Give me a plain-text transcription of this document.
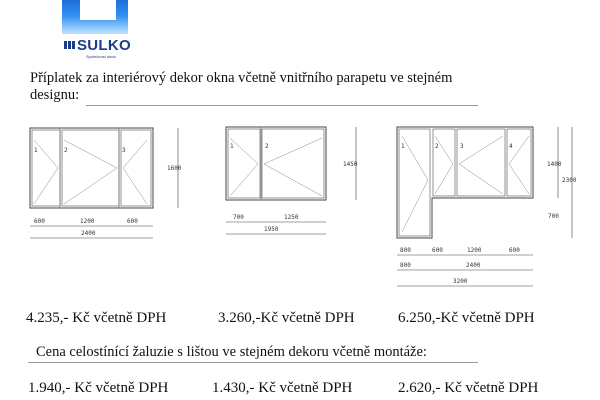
SULKO
Společnost okna
Příplatek za interiérový dekor okna včetně vnitřního parapetu ve stejném
designu:
1	2	3
1600
600	1200	600
2400
1	2
1450
700	1250
1950
1	2	3	4
1400
2300
700
800	600	1200	600
800	2400
3200
4.235,- Kč včetně DPH	3.260,-Kč včetně DPH	6.250,-Kč včetně DPH
Cena celostínící žaluzie s lištou ve stejném dekoru včetně montáže:
1.940,- Kč včetně DPH	1.430,- Kč včetně DPH	2.620,- Kč včetně DPH
